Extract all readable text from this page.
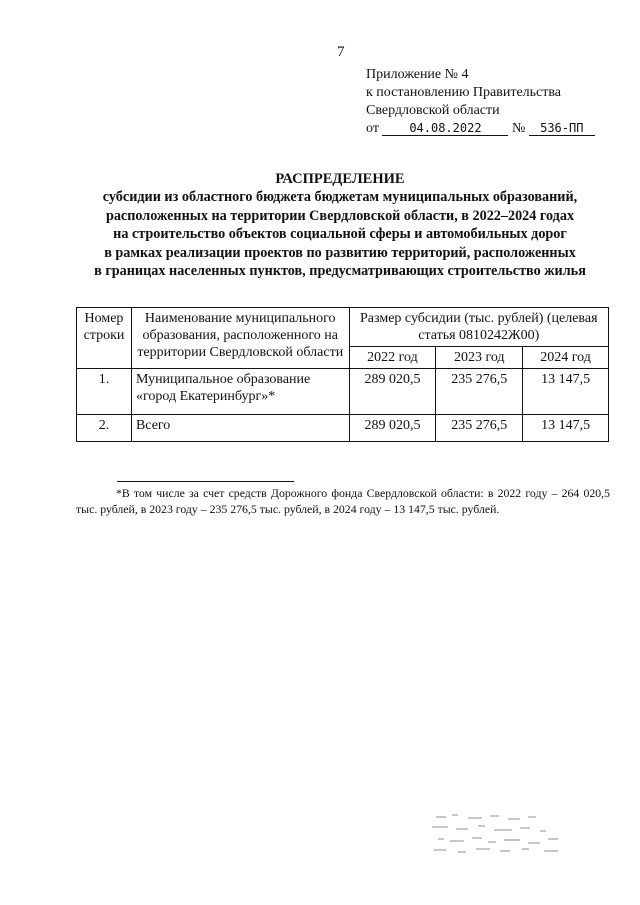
7
Приложение № 4
к постановлению Правительства
Свердловской области
от	04.08.2022 № 536-ПП
РАСПРЕДЕЛЕНИЕ
субсидии из областного бюджета бюджетам муниципальных образований,
расположенных на территории Свердловской области, в 2022–2024 годах
на строительство объектов социальной сферы и автомобильных дорог
в рамках реализации проектов по развитию территорий, расположенных
в границах населенных пунктов, предусматривающих строительство жилья
Номер строки	Наименование муниципального образования, расположенного на территории Свердловской области	Размер субсидии (тыс. рублей) (целевая статья 0810242Ж00)		
		2022 год	2023 год	2024 год
1.	Муниципальное образование «город Екатеринбург»*	289 020,5	235 276,5	13 147,5
2.	Всего	289 020,5	235 276,5	13 147,5
*В том числе за счет средств Дорожного фонда Свердловской области: в 2022 году – 264 020,5 тыс. рублей, в 2023 году – 235 276,5 тыс. рублей, в 2024 году – 13 147,5 тыс. рублей.
